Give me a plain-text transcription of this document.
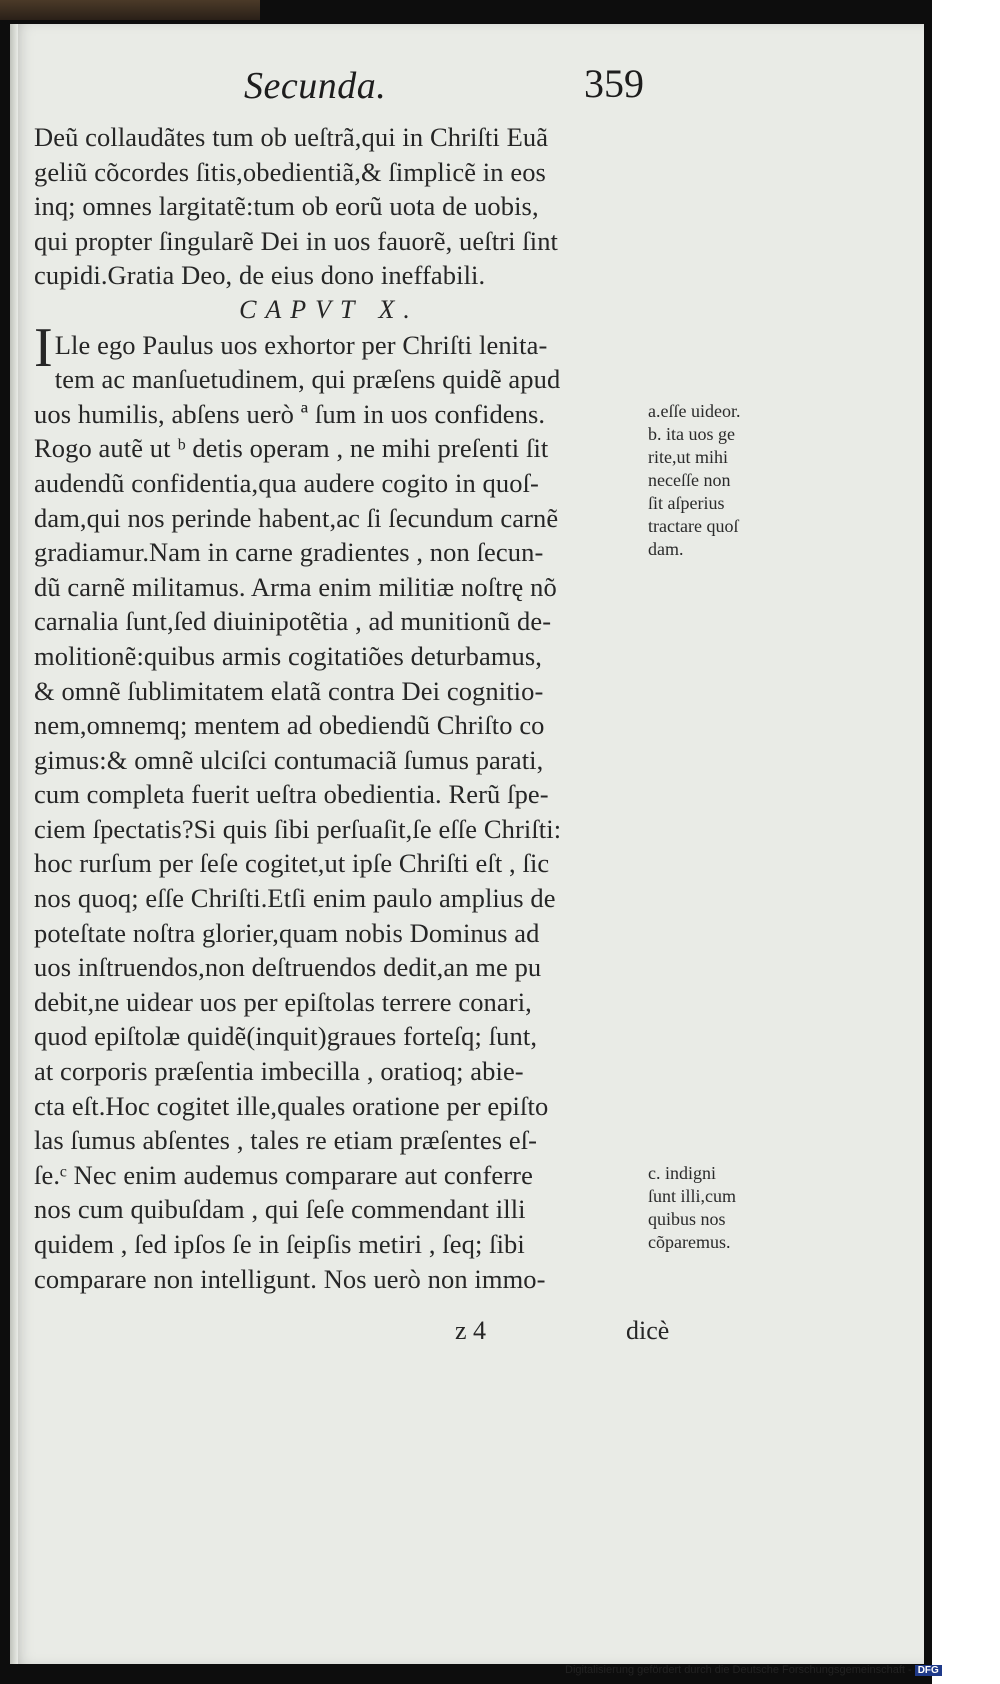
Secunda.	359
Deũ collaudãtes tum ob ueſtrã,qui in Chriſti Euã
geliũ cõcordes ſitis,obedientiã,& ſimplicẽ in eos
inq; omnes largitatẽ:tum ob eorũ uota de uobis,
qui propter ſingularẽ Dei in uos fauorẽ, ueſtri ſint
cupidi.Gratia Deo, de eius dono ineffabili.
CAPVT X.
I Lle ego Paulus uos exhortor per Chriſti lenita-
tem ac manſuetudinem, qui præſens quidẽ apud
uos humilis, abſens uerò ª ſum in uos confidens.
Rogo autẽ ut ᵇ detis operam , ne mihi preſenti ſit
audendũ confidentia,qua audere cogito in quoſ-
dam,qui nos perinde habent,ac ſi ſecundum carnẽ
gradiamur.Nam in carne gradientes , non ſecun-
dũ carnẽ militamus. Arma enim militiæ noſtrę nõ
carnalia ſunt,ſed diuinipotẽtia , ad munitionũ de-
molitionẽ:quibus armis cogitatiões deturbamus,
& omnẽ ſublimitatem elatã contra Dei cognitio-
nem,omnemq; mentem ad obediendũ Chriſto co
gimus:& omnẽ ulciſci contumaciã ſumus parati,
cum completa fuerit ueſtra obedientia. Rerũ ſpe-
ciem ſpectatis?Si quis ſibi perſuaſit,ſe eſſe Chriſti:
hoc rurſum per ſeſe cogitet,ut ipſe Chriſti eſt , ſic
nos quoq; eſſe Chriſti.Etſi enim paulo amplius de
poteſtate noſtra glorier,quam nobis Dominus ad
uos inſtruendos,non deſtruendos dedit,an me pu
debit,ne uidear uos per epiſtolas terrere conari,
quod epiſtolæ quidẽ(inquit)graues forteſq; ſunt,
at corporis præſentia imbecilla , oratioq; abie-
cta eſt.Hoc cogitet ille,quales oratione per epiſto
las ſumus abſentes , tales re etiam præſentes eſ-
ſe.ᶜ Nec enim audemus comparare aut conferre
nos cum quibuſdam , qui ſeſe commendant illi
quidem , ſed ipſos ſe in ſeipſis metiri , ſeq; ſibi
comparare non intelligunt. Nos uerò non immo-
a.eſſe uideor.
b. ita uos ge
rite,ut mihi
neceſſe non
ſit aſperius
tractare quoſ
dam.
c. indigni
ſunt illi,cum
quibus nos
cõparemus.
z 4	dicè
Digitalisierung gefördert durch die Deutsche Forschungsgemeinschaft - DFG
